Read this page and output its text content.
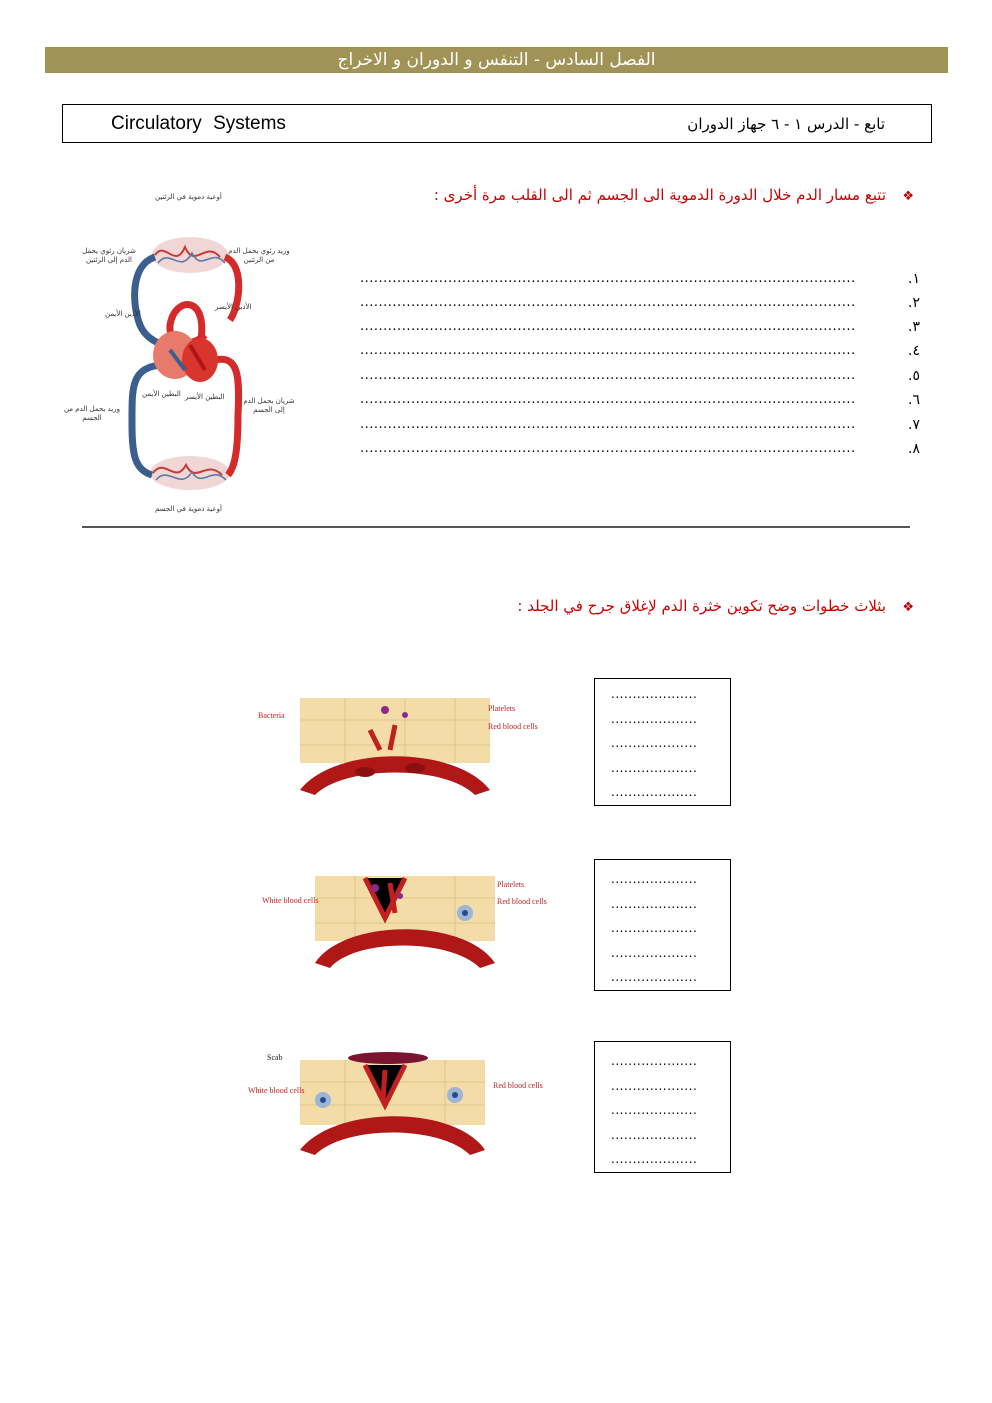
الفصل السادس - التنفس و الدوران و الاخراج
Circulatory Systems	تابع - الدرس ١ - ٦ جهاز الدوران
❖
تتبع مسار الدم خلال الدورة الدموية الى الجسم ثم الى القلب مرة أخرى :
...........................................................................................................	١.
...........................................................................................................	٢.
...........................................................................................................	٣.
...........................................................................................................	٤.
...........................................................................................................	٥.
...........................................................................................................	٦.
...........................................................................................................	٧.
...........................................................................................................	٨.
أوعية دموية في الرئتين
شريان رئوي يحمل الدم إلى الرئتين
وريد رئوي يحمل الدم من الرئتين
الأذين الأيمن
الأذين الأيسر
البطين الأيمن البطين الأيسر
وريد يحمل الدم من الجسم
شريان يحمل الدم إلى الجسم
أوعية دموية في الجسم
❖
بثلاث خطوات وضح تكوين خثرة الدم لإغلاق جرح في الجلد :
Bacteria
Platelets
Red blood cells
....................
....................
....................
....................
....................
White blood cells
Platelets
Red blood cells
....................
....................
....................
....................
....................
Scab
White blood cells
Red blood cells
....................
....................
....................
....................
....................
